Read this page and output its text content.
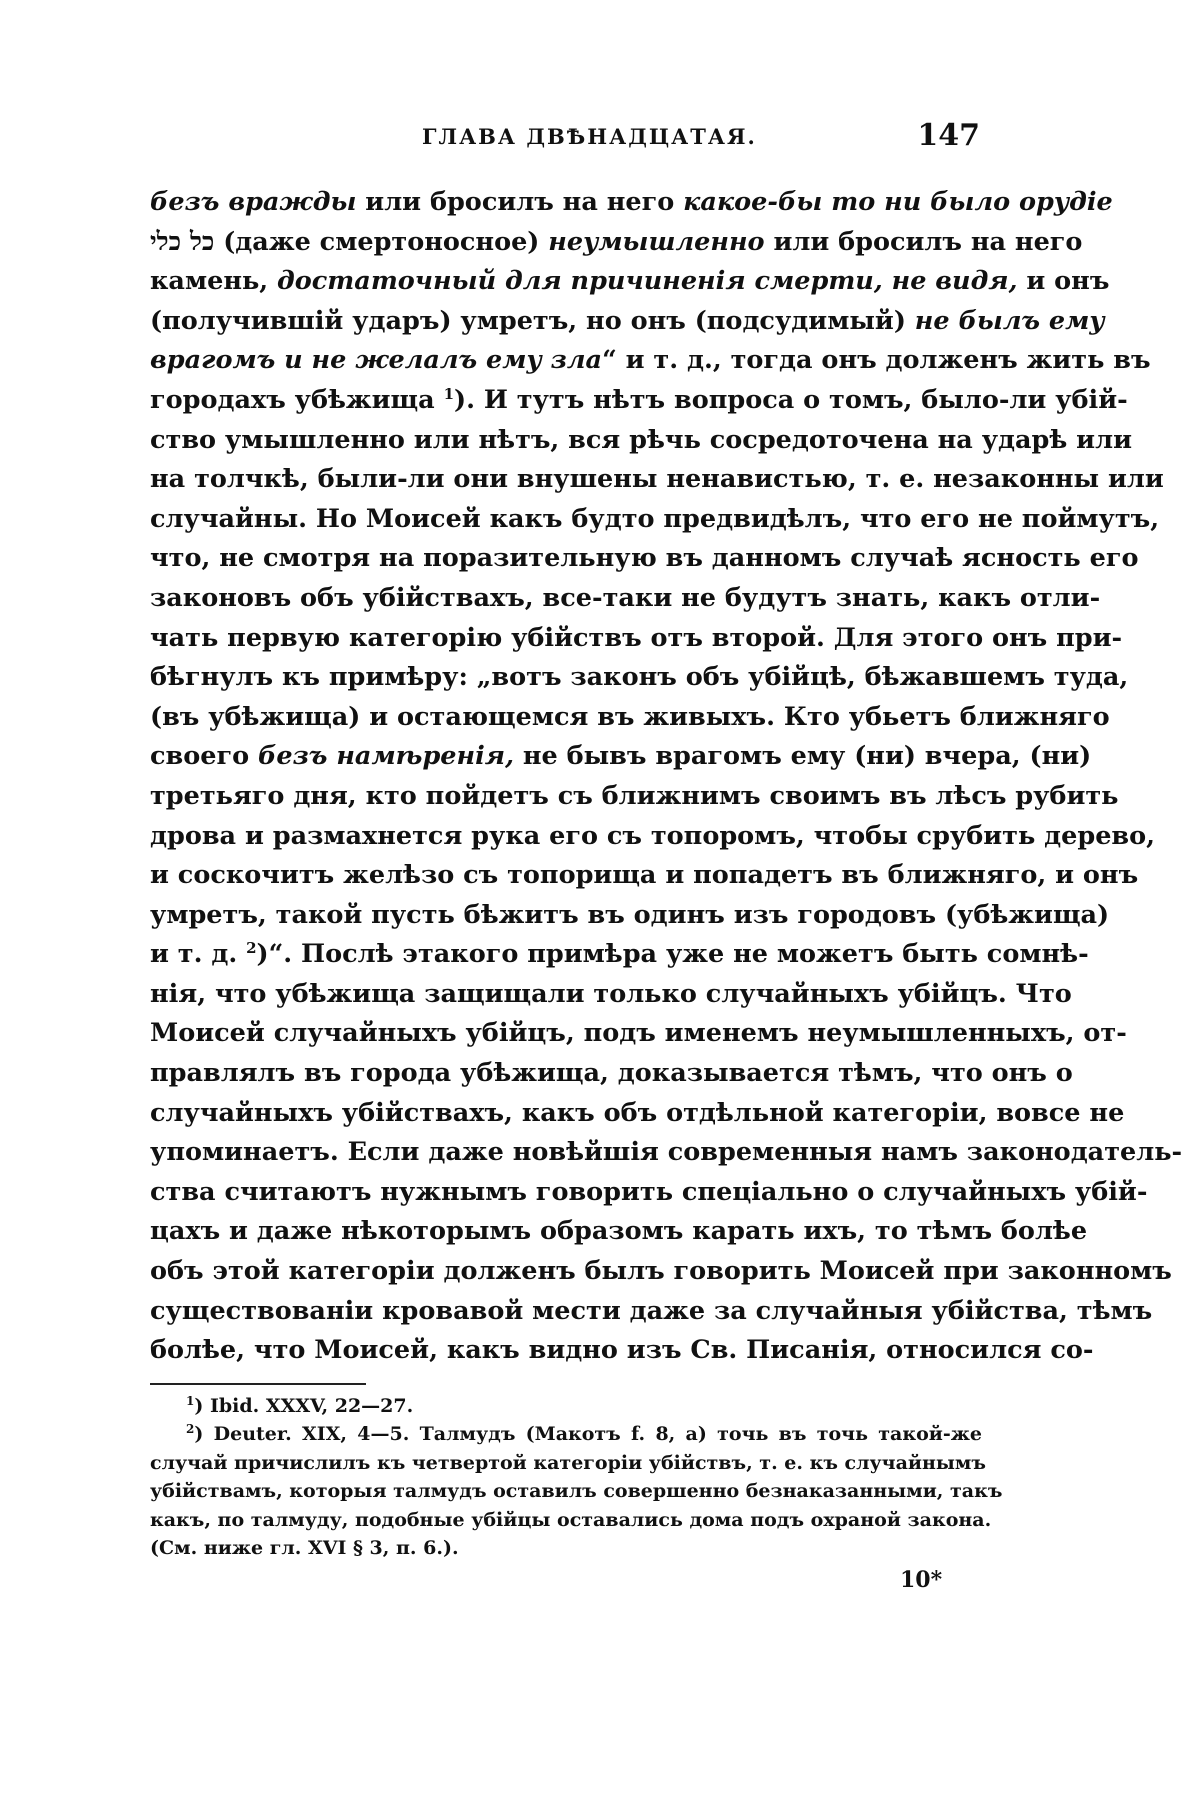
ГЛАВА ДВѢНАДЦАТАЯ.	147
безъ вражды или бросилъ на него какое-бы то ни было орудіе
כל כלי (даже смертоносное) неумышленно или бросилъ на него
камень, достаточный для причиненія смерти, не видя, и онъ
(получившій ударъ) умретъ, но онъ (подсудимый) не былъ ему
врагомъ и не желалъ ему зла“ и т. д., тогда онъ долженъ жить въ
городахъ убѣжища $^1$). И тутъ нѣтъ вопроса о томъ, было-ли убій-
ство умышленно или нѣтъ, вся рѣчь сосредоточена на ударѣ или
на толчкѣ, были-ли они внушены ненавистью, т. е. незаконны или
случайны. Но Моисей какъ будто предвидѣлъ, что его не поймутъ,
что, не смотря на поразительную въ данномъ случаѣ ясность его
законовъ объ убійствахъ, все-таки не будутъ знать, какъ отли-
чать первую категорію убійствъ отъ второй. Для этого онъ при-
бѣгнулъ къ примѣру: „вотъ законъ объ убійцѣ, бѣжавшемъ туда,
(въ убѣжища) и остающемся въ живыхъ. Кто убьетъ ближняго
своего безъ намѣренія, не бывъ врагомъ ему (ни) вчера, (ни)
третьяго дня, кто пойдетъ съ ближнимъ своимъ въ лѣсъ рубить
дрова и размахнется рука его съ топоромъ, чтобы срубить дерево,
и соскочитъ желѣзо съ топорища и попадетъ въ ближняго, и онъ
умретъ, такой пусть бѣжитъ въ одинъ изъ городовъ (убѣжища)
и т. д. $^2$)“. Послѣ этакого примѣра уже не можетъ быть сомнѣ-
нія, что убѣжища защищали только случайныхъ убійцъ. Что
Моисей случайныхъ убійцъ, подъ именемъ неумышленныхъ, от-
правлялъ въ города убѣжища, доказывается тѣмъ, что онъ о
случайныхъ убійствахъ, какъ объ отдѣльной категоріи, вовсе не
упоминаетъ. Если даже новѣйшія современныя намъ законодатель-
ства считаютъ нужнымъ говорить спеціально о случайныхъ убій-
цахъ и даже нѣкоторымъ образомъ карать ихъ, то тѣмъ болѣе
объ этой категоріи долженъ былъ говорить Моисей при законномъ
существованіи кровавой мести даже за случайныя убійства, тѣмъ
болѣе, что Моисей, какъ видно изъ Св. Писанія, относился со-
$^1$) Ibid. XXXV, 22—27.
$^2$) Deuter. XIX, 4—5. Талмудъ (Макотъ f. 8, a) точь въ точь такой-же
случай причислилъ къ четвертой категоріи убійствъ, т. е. къ случайнымъ
убійствамъ, которыя талмудъ оставилъ совершенно безнаказанными, такъ
какъ, по талмуду, подобные убійцы оставались дома подъ охраной закона.
(См. ниже гл. XVI § 3, п. 6.).
10*
